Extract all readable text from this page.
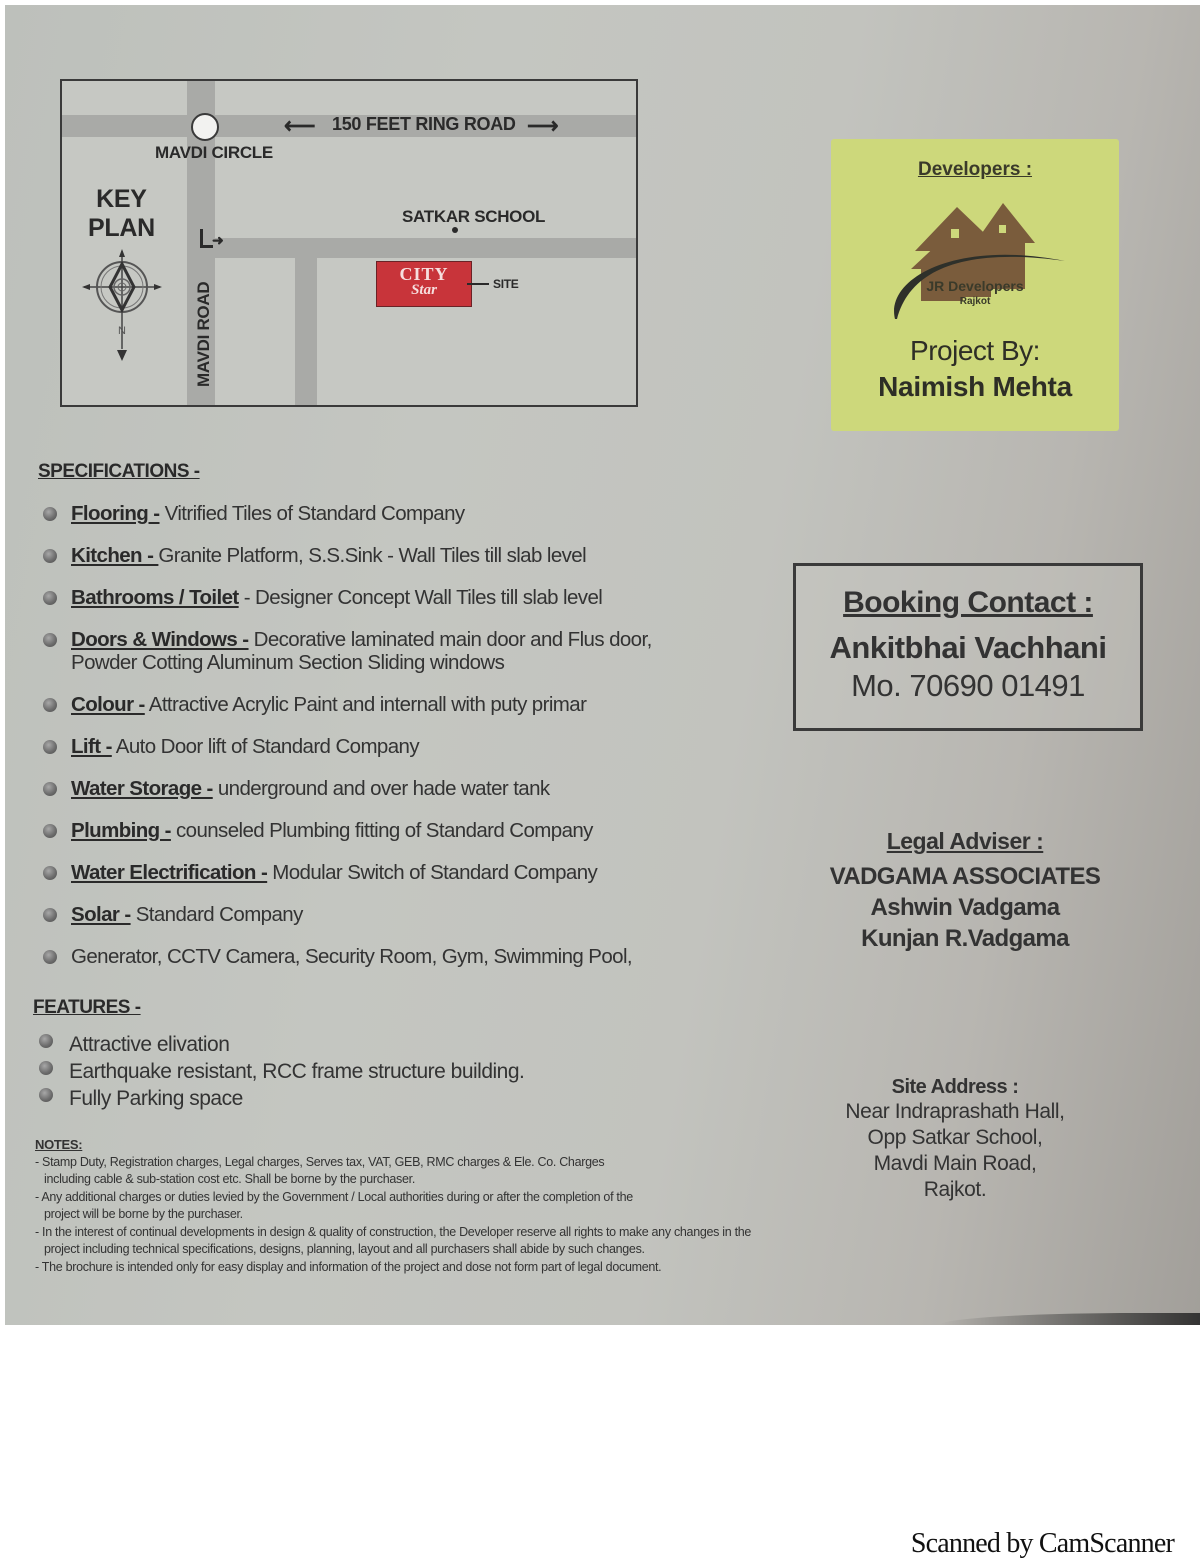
⟵ 150 FEET RING ROAD ⟶
MAVDI CIRCLE
KEY
PLAN
N	MAVDI ROAD
➜
SATKAR SCHOOL
CITY
Star	SITE
Developers :
JR Developers
Rajkot
Project By:
Naimish Mehta
SPECIFICATIONS -
Flooring - Vitrified Tiles of Standard Company
Kitchen - Granite Platform, S.S.Sink - Wall Tiles till slab level
Bathrooms / Toilet - Designer Concept Wall Tiles till slab level
Doors & Windows - Decorative laminated main door and Flus door, Powder Cotting Aluminum Section Sliding windows
Colour - Attractive Acrylic Paint and internall with puty primar
Lift - Auto Door lift of Standard Company
Water Storage - underground and over hade water tank
Plumbing - counseled Plumbing fitting of Standard Company
Water Electrification - Modular Switch of Standard Company
Solar - Standard Company
Generator, CCTV Camera, Security Room, Gym, Swimming Pool,
FEATURES -
Attractive elivation
Earthquake resistant, RCC frame structure building.
Fully Parking space
NOTES:
- Stamp Duty, Registration charges, Legal charges, Serves tax, VAT, GEB, RMC charges & Ele. Co. Charges including cable & sub-station cost etc. Shall be borne by the purchaser.
- Any additional charges or duties levied by the Government / Local authorities during or after the completion of the project will be borne by the purchaser.
- In the interest of continual developments in design & quality of construction, the Developer reserve all rights to make any changes in the project including technical specifications, designs, planning, layout and all purchasers shall abide by such changes.
- The brochure is intended only for easy display and information of the project and dose not form part of legal document.
Booking Contact :
Ankitbhai Vachhani
Mo. 70690 01491
Legal Adviser :
VADGAMA ASSOCIATES
Ashwin Vadgama
Kunjan R.Vadgama
Site Address :
Near Indraprashath Hall,
Opp Satkar School,
Mavdi Main Road,
Rajkot.
Scanned by CamScanner
